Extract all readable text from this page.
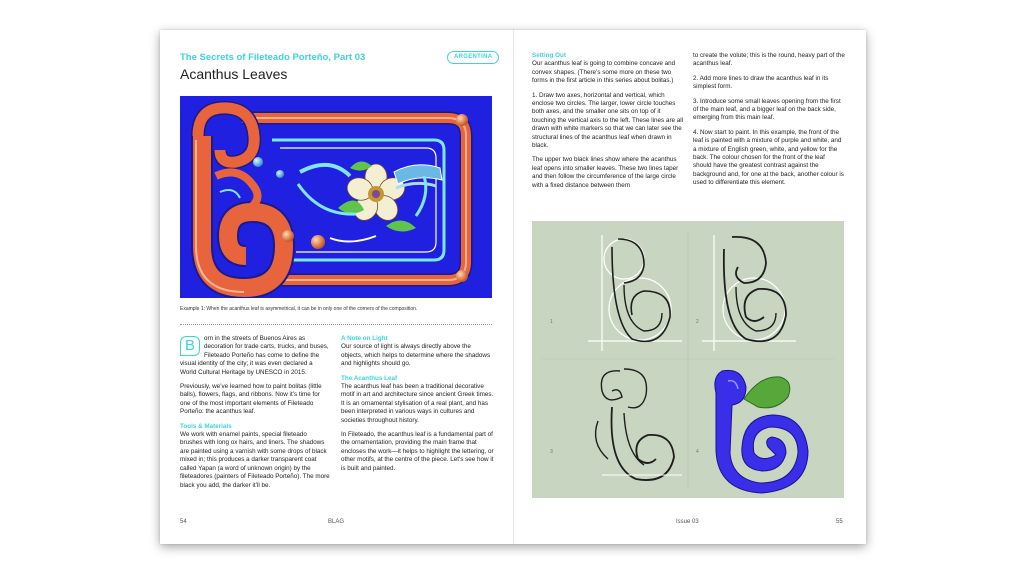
The Secrets of Fileteado Porteño, Part 03	ARGENTINA
Acanthus Leaves
Example 1: When the acanthus leaf is asymmetrical, it can be in only one of the corners of the composition.

B	orn in the streets of Buenos Aires as decoration for trade carts, trucks, and buses, Fileteado Porteño has come to define the visual identity of the city; it was even declared a World Cultural Heritage by UNESCO in 2015.

Previously, we’ve learned how to paint bolitas (little balls), flowers, flags, and ribbons. Now it’s time for one of the most important elements of Fileteado Porteño: the acanthus leaf.

Tools & Materials

We work with enamel paints, special fileteado brushes with long ox hairs, and liners. The shadows are painted using a varnish with some drops of black mixed in; this produces a darker transparent coat called Yapan (a word of unknown origin) by the fileteadores (painters of Fileteado Porteño). The more black you add, the darker it’ll be.

A Note on Light

Our source of light is always directly above the objects, which helps to determine where the shadows and highlights should go.

The Acanthus Leaf

The acanthus leaf has been a traditional decorative motif in art and architecture since ancient Greek times. It is an ornamental stylisation of a real plant, and has been interpreted in various ways in cultures and societies throughout history.

In Fileteado, the acanthus leaf is a fundamental part of the ornamentation, providing the main frame that encloses the work—it helps to highlight the lettering, or other motifs, at the centre of the piece. Let’s see how it is built and painted.

54	BLAG
Setting Out

Our acanthus leaf is going to combine concave and convex shapes. (There’s some more on these two forms in the first article in this series about bolitas.)

1. Draw two axes, horizontal and vertical, which enclose two circles. The larger, lower circle touches both axes, and the smaller one sits on top of it touching the vertical axis to the left. These lines are all drawn with white markers so that we can later see the structural lines of the acanthus leaf when drawn in black.

The upper two black lines show where the acanthus leaf opens into smaller leaves. These two lines taper and then follow the circumference of the large circle with a fixed distance between them

to create the volute; this is the round, heavy part of the acanthus leaf.

2. Add more lines to draw the acanthus leaf in its simplest form.

3. Introduce some small leaves opening from the first of the main leaf, and a bigger leaf on the back side, emerging from this main leaf.

4. Now start to paint. In this example, the front of the leaf is painted with a mixture of purple and white, and a mixture of English green, white, and yellow for the back. The colour chosen for the front of the leaf should have the greatest contrast against the background and, for one at the back, another colour is used to differentiate this element.

1	2
3	4
Issue 03	55
